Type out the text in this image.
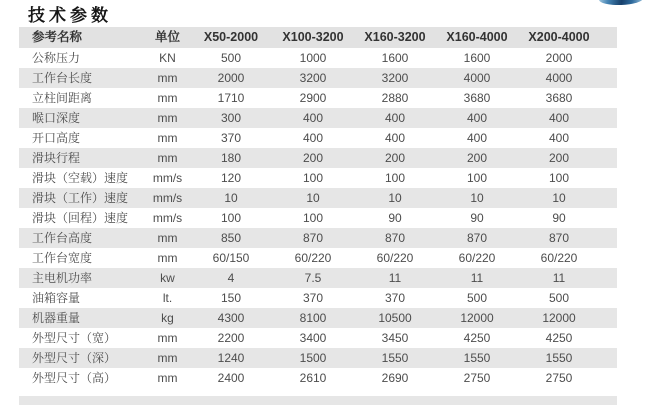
技术参数
参考名称	单位	X50-2000	X100-3200	X160-3200	X160-4000	X200-4000
公称压力	KN	500	1000	1600	1600	2000
工作台长度	mm	2000	3200	3200	4000	4000
立柱间距离	mm	1710	2900	2880	3680	3680
喉口深度	mm	300	400	400	400	400
开口高度	mm	370	400	400	400	400
滑块行程	mm	180	200	200	200	200
滑块（空载）速度	mm/s	120	100	100	100	100
滑块（工作）速度	mm/s	10	10	10	10	10
滑块（回程）速度	mm/s	100	100	90	90	90
工作台高度	mm	850	870	870	870	870
工作台宽度	mm	60/150	60/220	60/220	60/220	60/220
主电机功率	kw	4	7.5	11	11	11
油箱容量	lt.	150	370	370	500	500
机器重量	kg	4300	8100	10500	12000	12000
外型尺寸（宽）	mm	2200	3400	3450	4250	4250
外型尺寸（深）	mm	1240	1500	1550	1550	1550
外型尺寸（高）	mm	2400	2610	2690	2750	2750
